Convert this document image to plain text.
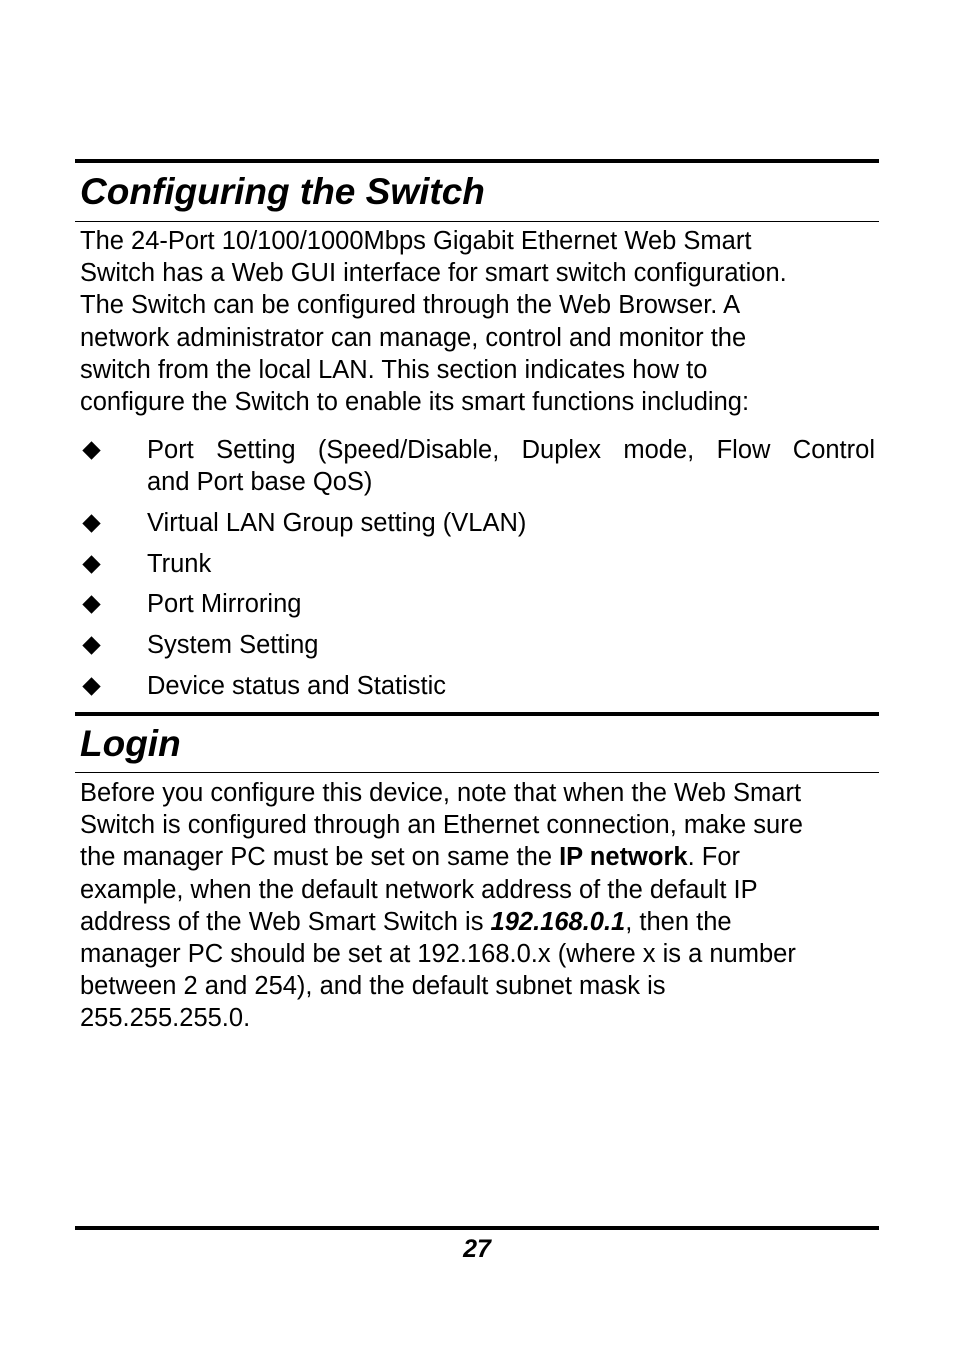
Configuring the Switch

The 24-Port 10/100/1000Mbps Gigabit Ethernet Web Smart
Switch has a Web GUI interface for smart switch configuration.
The Switch can be configured through the Web Browser. A
network administrator can manage, control and monitor the
switch from the local LAN. This section indicates how to
configure the Switch to enable its smart functions including:

Port Setting (Speed/Disable, Duplex mode, Flow Control
and Port base QoS)
Virtual LAN Group setting (VLAN)
Trunk
Port Mirroring
System Setting
Device status and Statistic
Login

Before you configure this device, note that when the Web Smart
Switch is configured through an Ethernet connection, make sure
the manager PC must be set on same the IP network. For
example, when the default network address of the default IP
address of the Web Smart Switch is 192.168.0.1, then the
manager PC should be set at 192.168.0.x (where x is a number
between 2 and 254), and the default subnet mask is
255.255.255.0.

27
